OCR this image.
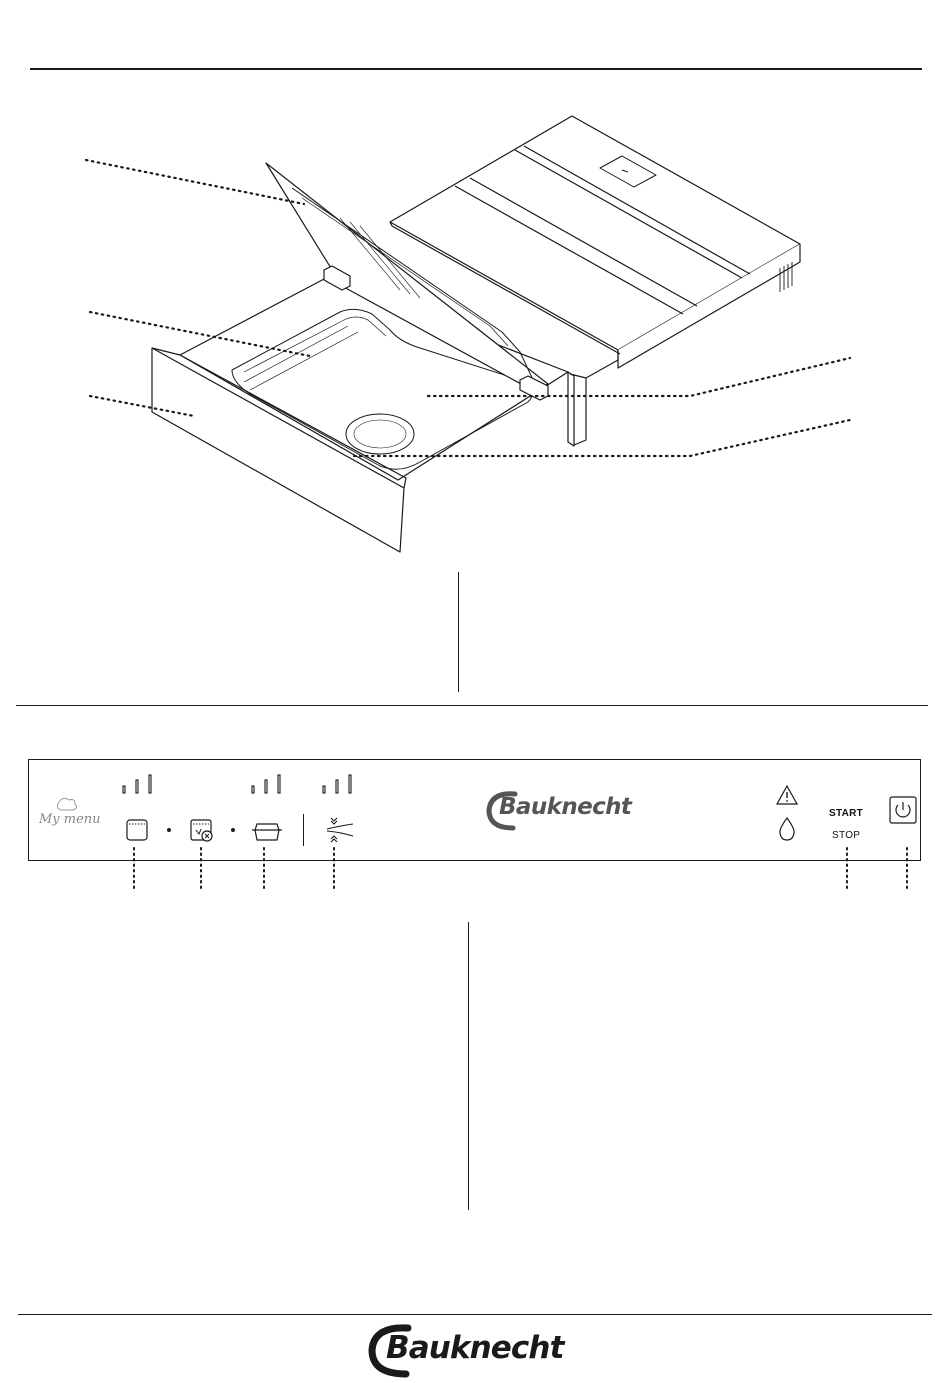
My menu	Bauknecht	START
STOP
Bauknecht
